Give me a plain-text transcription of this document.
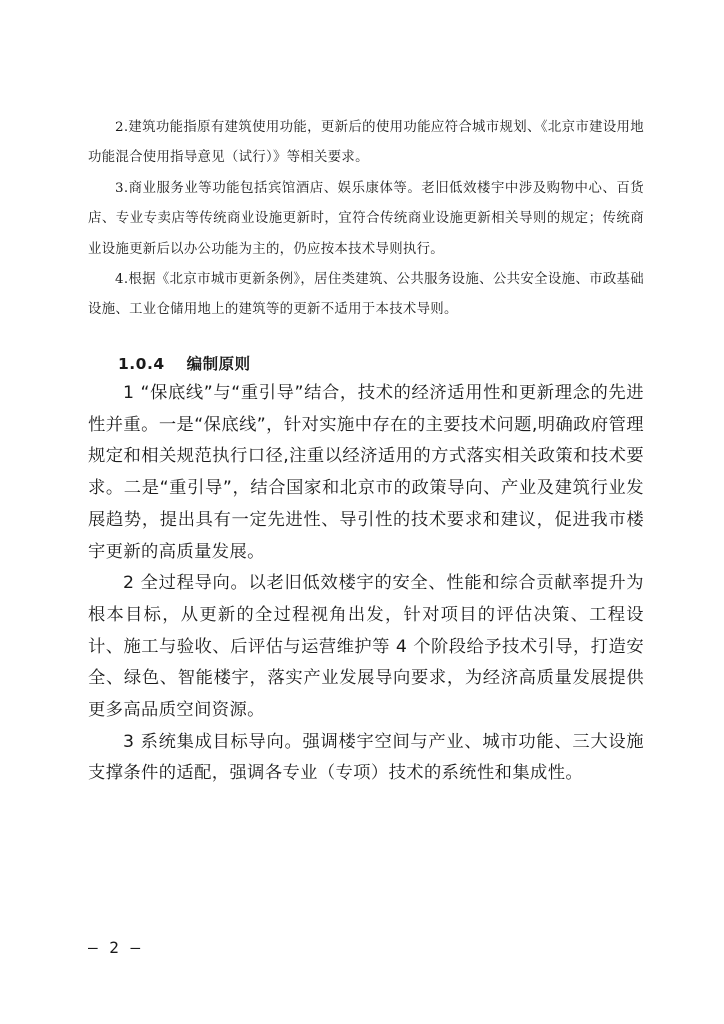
2.建筑功能指原有建筑使用功能，更新后的使用功能应符合城市规划、《北京市建设用地功能混合使用指导意见（试行）》等相关要求。

3.商业服务业等功能包括宾馆酒店、娱乐康体等。老旧低效楼宇中涉及购物中心、百货店、专业专卖店等传统商业设施更新时，宜符合传统商业设施更新相关导则的规定；传统商业设施更新后以办公功能为主的，仍应按本技术导则执行。

4.根据《北京市城市更新条例》，居住类建筑、公共服务设施、公共安全设施、市政基础设施、工业仓储用地上的建筑等的更新不适用于本技术导则。

1.0.4 编制原则

1 “保底线”与“重引导”结合，技术的经济适用性和更新理念的先进性并重。一是“保底线”，针对实施中存在的主要技术问题,明确政府管理规定和相关规范执行口径,注重以经济适用的方式落实相关政策和技术要求。二是“重引导”，结合国家和北京市的政策导向、产业及建筑行业发展趋势，提出具有一定先进性、导引性的技术要求和建议，促进我市楼宇更新的高质量发展。

2 全过程导向。以老旧低效楼宇的安全、性能和综合贡献率提升为根本目标，从更新的全过程视角出发，针对项目的评估决策、工程设计、施工与验收、后评估与运营维护等 4 个阶段给予技术引导，打造安全、绿色、智能楼宇，落实产业发展导向要求，为经济高质量发展提供更多高品质空间资源。

3 系统集成目标导向。强调楼宇空间与产业、城市功能、三大设施支撑条件的适配，强调各专业（专项）技术的系统性和集成性。

– 2 –
